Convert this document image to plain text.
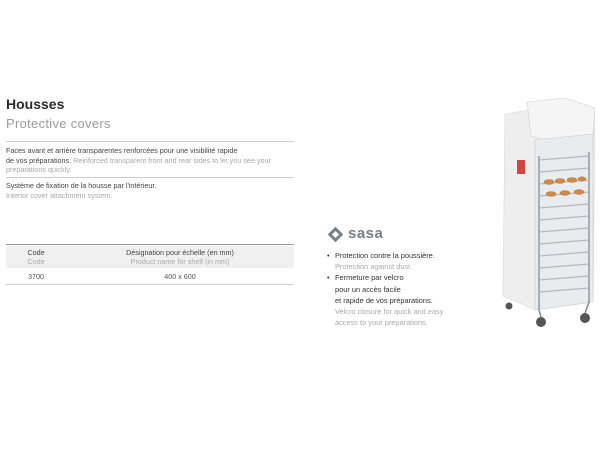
Housses
Protective covers
Faces avant et arrière transparentes renforcées pour une visibilité rapide
de vos préparations. Reinforced transparent front and rear sides to let you see your preparations quickly.
Système de fixation de la housse par l'intérieur.
Interior cover attachment system.
Code
Code
Désignation pour échelle (en mm)
Product name for shelf (in mm)
3700	400 x 600
sasa
• Protection contre la poussière.
Protection against dust.
• Fermeture par velcro
pour un accès facile
et rapide de vos préparations.
Velcro closure for quick and easy
access to your preparations.
